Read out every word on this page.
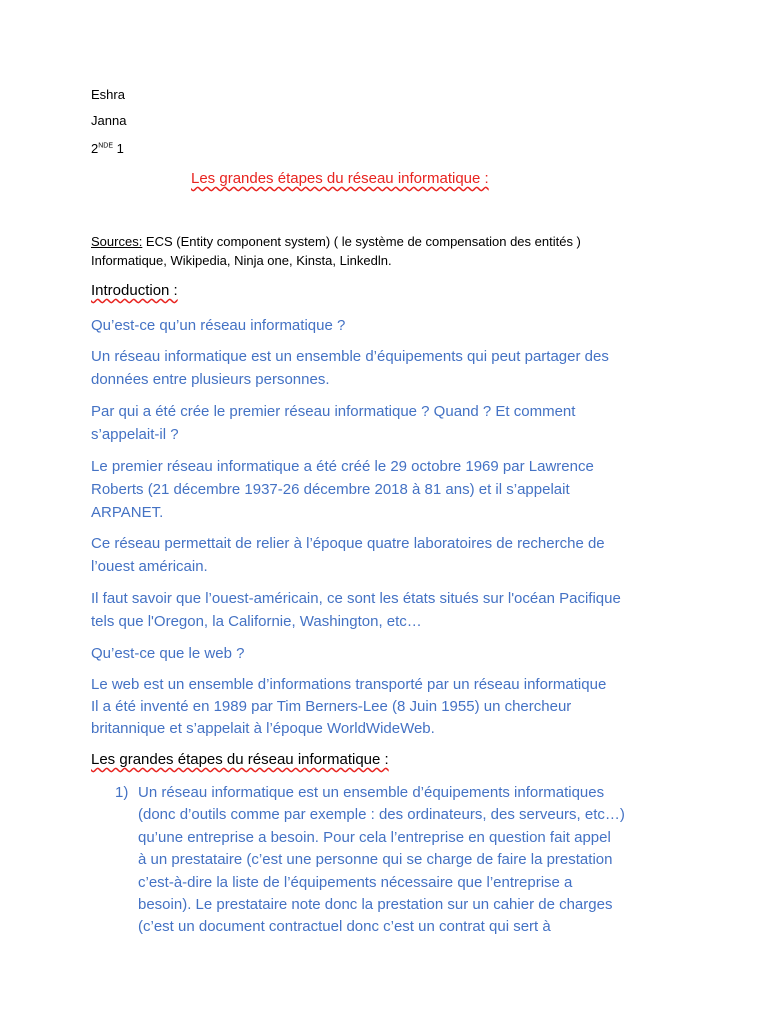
Eshra
Janna
2NDE 1
Les grandes étapes du réseau informatique :
Sources: ECS (Entity component system) ( le système de compensation des entités )
Informatique, Wikipedia, Ninja one, Kinsta, Linkedln.
Introduction :
Qu’est-ce qu’un réseau informatique ?
Un réseau informatique est un ensemble d’équipements qui peut partager des
données entre plusieurs personnes.
Par qui a été crée le premier réseau informatique ? Quand ? Et comment
s’appelait-il ?
Le premier réseau informatique a été créé le 29 octobre 1969 par Lawrence
Roberts (21 décembre 1937-26 décembre 2018 à 81 ans) et il s’appelait
ARPANET.
Ce réseau permettait de relier à l’époque quatre laboratoires de recherche de
l’ouest américain.
Il faut savoir que l’ouest-américain, ce sont les états situés sur l'océan Pacifique
tels que l'Oregon, la Californie, Washington, etc…
Qu’est-ce que le web ?
Le web est un ensemble d’informations transporté par un réseau informatique
Il a été inventé en 1989 par Tim Berners-Lee (8 Juin 1955) un chercheur
britannique et s’appelait à l’époque WorldWideWeb.
Les grandes étapes du réseau informatique :
1) Un réseau informatique est un ensemble d’équipements informatiques
(donc d’outils comme par exemple : des ordinateurs, des serveurs, etc…)
qu’une entreprise a besoin. Pour cela l’entreprise en question fait appel
à un prestataire (c’est une personne qui se charge de faire la prestation
c’est-à-dire la liste de l’équipements nécessaire que l’entreprise a
besoin). Le prestataire note donc la prestation sur un cahier de charges
(c’est un document contractuel donc c’est un contrat qui sert à
